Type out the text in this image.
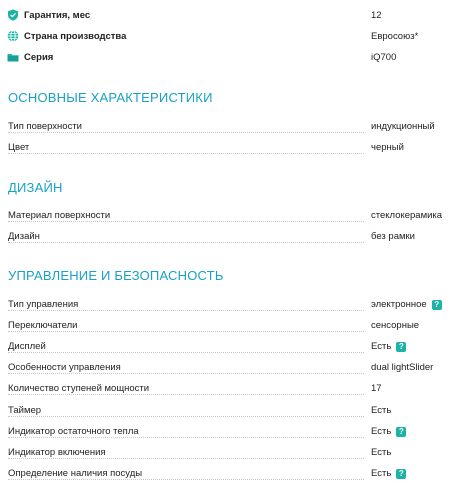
Гарантия, мес	12
Страна производства	Евросоюз*
Серия	iQ700
ОСНОВНЫЕ ХАРАКТЕРИСТИКИ
Тип поверхности	индукционный
Цвет	черный
ДИЗАЙН
Материал поверхности	стеклокерамика
Дизайн	без рамки
УПРАВЛЕНИЕ И БЕЗОПАСНОСТЬ
Тип управления	электронное ?
Переключатели	сенсорные
Дисплей	Есть ?
Особенности управления	dual lightSlider
Количество ступеней мощности	17
Таймер	Есть
Индикатор остаточного тепла	Есть ?
Индикатор включения	Есть
Определение наличия посуды	Есть ?
